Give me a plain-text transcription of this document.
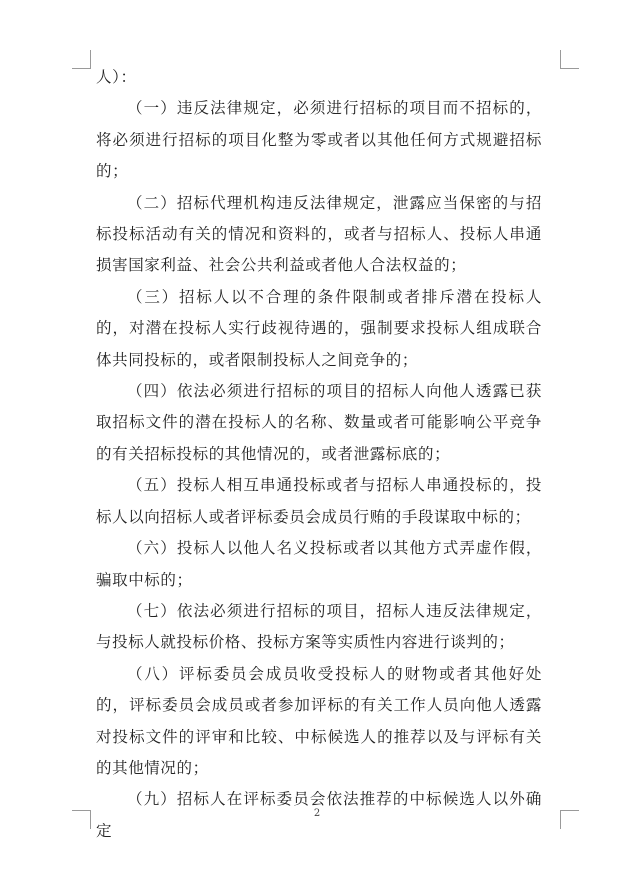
人）：

（一）违反法律规定，必须进行招标的项目而不招标的，将必须进行招标的项目化整为零或者以其他任何方式规避招标的；

（二）招标代理机构违反法律规定，泄露应当保密的与招标投标活动有关的情况和资料的，或者与招标人、投标人串通损害国家利益、社会公共利益或者他人合法权益的；

（三）招标人以不合理的条件限制或者排斥潜在投标人的，对潜在投标人实行歧视待遇的，强制要求投标人组成联合体共同投标的，或者限制投标人之间竞争的；

（四）依法必须进行招标的项目的招标人向他人透露已获取招标文件的潜在投标人的名称、数量或者可能影响公平竞争的有关招标投标的其他情况的，或者泄露标底的；

（五）投标人相互串通投标或者与招标人串通投标的，投标人以向招标人或者评标委员会成员行贿的手段谋取中标的；

（六）投标人以他人名义投标或者以其他方式弄虚作假，骗取中标的；

（七）依法必须进行招标的项目，招标人违反法律规定，与投标人就投标价格、投标方案等实质性内容进行谈判的；

（八）评标委员会成员收受投标人的财物或者其他好处的，评标委员会成员或者参加评标的有关工作人员向他人透露对投标文件的评审和比较、中标候选人的推荐以及与评标有关的其他情况的；

（九）招标人在评标委员会依法推荐的中标候选人以外确定

2
